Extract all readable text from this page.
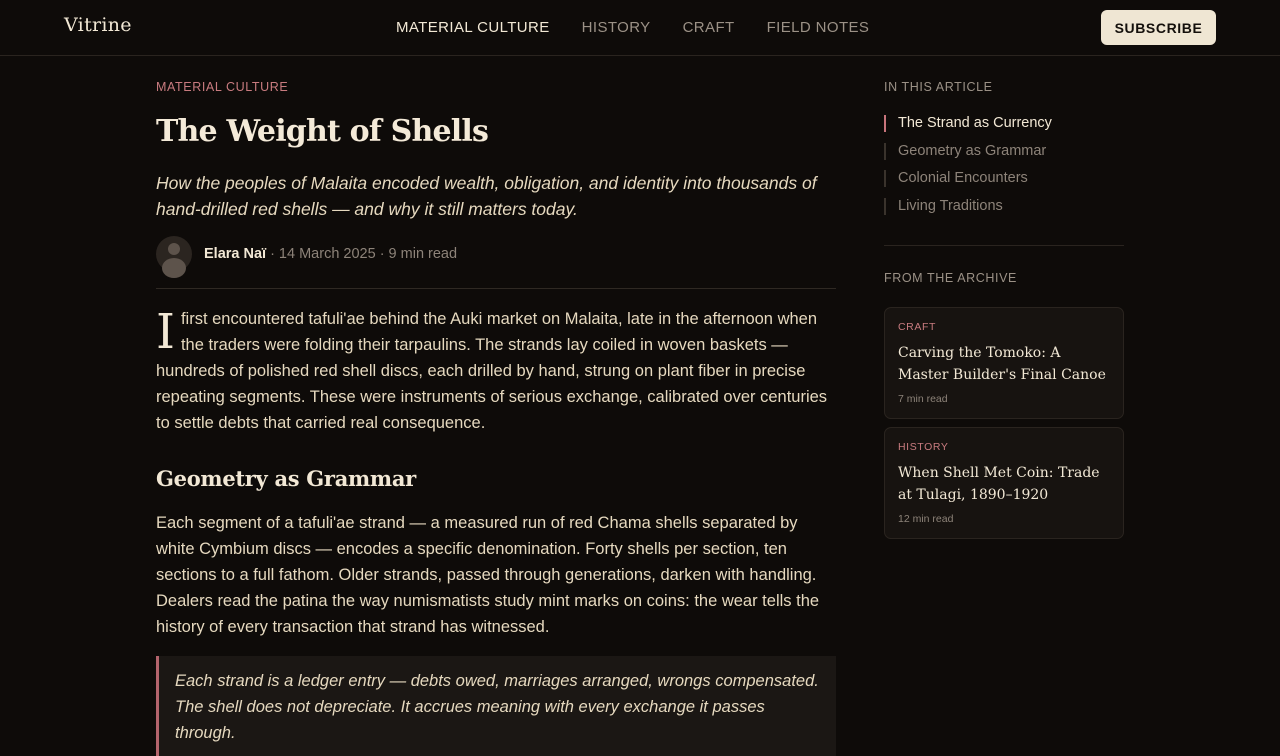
Vitrine	MATERIAL CULTURE HISTORY CRAFT FIELD NOTES	SUBSCRIBE
MATERIAL CULTURE
The Weight of Shells

How the peoples of Malaita encoded wealth, obligation, and identity into thousands of hand-drilled red shells — and why it still matters today.

Elara Naï · 14 March 2025 · 9 min read

Ifirst encountered tafuli'ae behind the Auki market on Malaita, late in the afternoon when the traders were folding their tarpaulins. The strands lay coiled in woven baskets — hundreds of polished red shell discs, each drilled by hand, strung on plant fiber in precise repeating segments. These were instruments of serious exchange, calibrated over centuries to settle debts that carried real consequence.

Geometry as Grammar

Each segment of a tafuli'ae strand — a measured run of red Chama shells separated by white Cymbium discs — encodes a specific denomination. Forty shells per section, ten sections to a full fathom. Older strands, passed through generations, darken with handling. Dealers read the patina the way numismatists study mint marks on coins: the wear tells the history of every transaction that strand has witnessed.

Each strand is a ledger entry — debts owed, marriages arranged, wrongs compensated. The shell does not depreciate. It accrues meaning with every exchange it passes through.
IN THIS ARTICLE
The Strand as Currency
Geometry as Grammar
Colonial Encounters
Living Traditions
FROM THE ARCHIVE
CRAFT
Carving the Tomoko: A Master Builder's Final Canoe
7 min read
HISTORY
When Shell Met Coin: Trade at Tulagi, 1890–1920
12 min read
